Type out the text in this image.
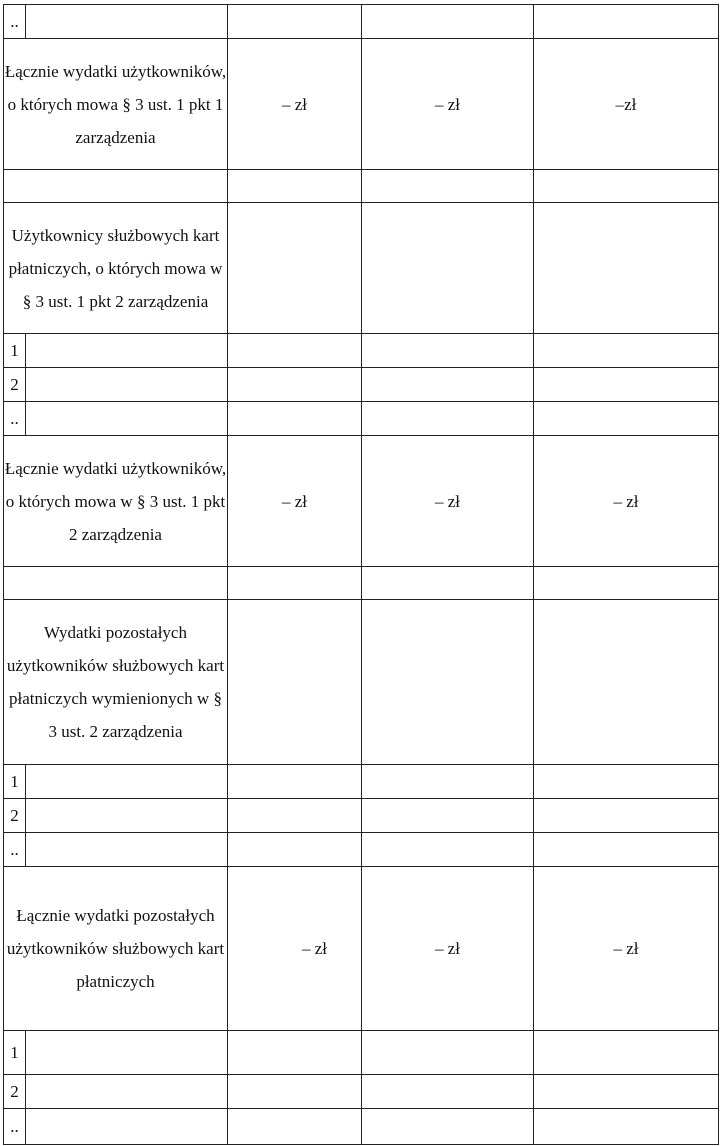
..				
Łącznie wydatki użytkowników, o których mowa § 3 ust. 1 pkt 1 zarządzenia		– zł	– zł	–zł

Użytkownicy służbowych kart płatniczych, o których mowa w § 3 ust. 1 pkt 2 zarządzenia				
1				
2				
..				
Łącznie wydatki użytkowników, o których mowa w § 3 ust. 1 pkt 2 zarządzenia		– zł	– zł	– zł

Wydatki pozostałych użytkowników służbowych kart płatniczych wymienionych w § 3 ust. 2 zarządzenia				
1				
2				
..				
Łącznie wydatki pozostałych użytkowników służbowych kart płatniczych		– zł	– zł	– zł
1				
2				
..				
